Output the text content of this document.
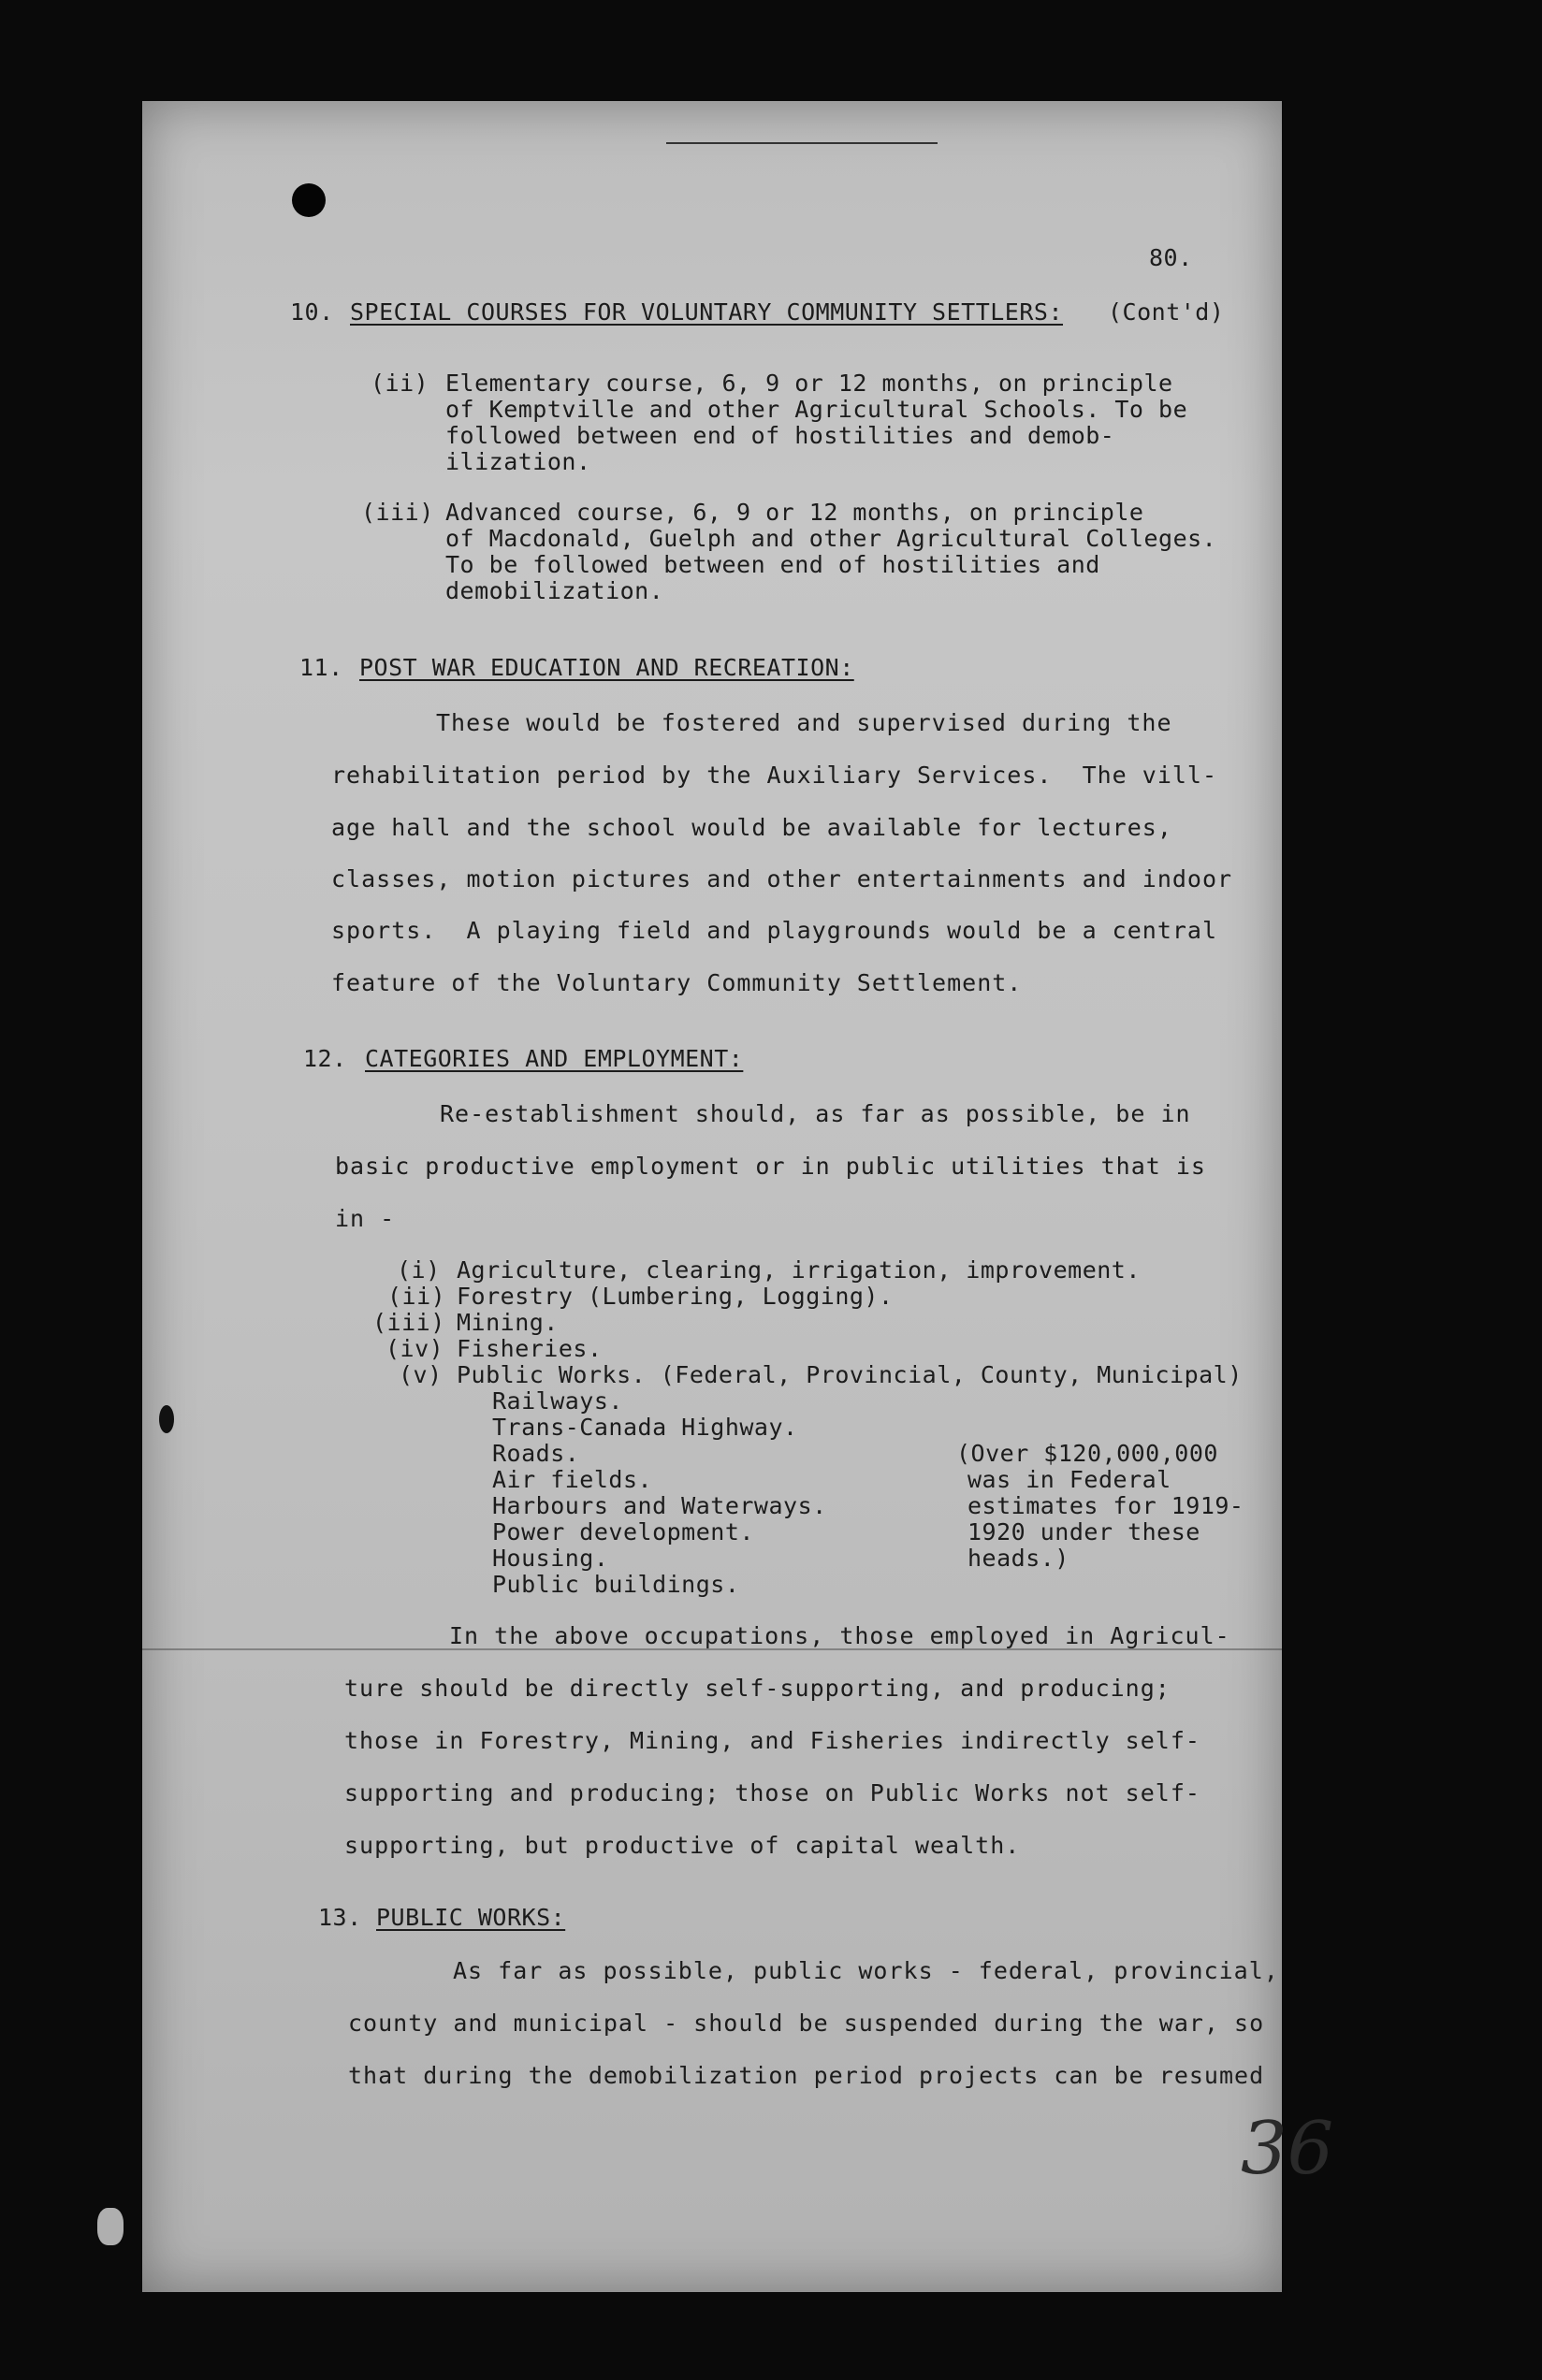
80.
10. SPECIAL COURSES FOR VOLUNTARY COMMUNITY SETTLERS: (Cont'd)
(ii) Elementary course, 6, 9 or 12 months, on principle
of Kemptville and other Agricultural Schools. To be
followed between end of hostilities and demob-
ilization.
(iii) Advanced course, 6, 9 or 12 months, on principle
of Macdonald, Guelph and other Agricultural Colleges.
To be followed between end of hostilities and
demobilization.
11. POST WAR EDUCATION AND RECREATION:
These would be fostered and supervised during the
rehabilitation period by the Auxiliary Services.  The vill-
age hall and the school would be available for lectures,
classes, motion pictures and other entertainments and indoor
sports.  A playing field and playgrounds would be a central
feature of the Voluntary Community Settlement.
12. CATEGORIES AND EMPLOYMENT:
Re-establishment should, as far as possible, be in
basic productive employment or in public utilities that is
in -
(i) Agriculture, clearing, irrigation, improvement.
(ii) Forestry (Lumbering, Logging).
(iii) Mining.
(iv) Fisheries.
(v) Public Works. (Federal, Provincial, County, Municipal)
Railways.
Trans-Canada Highway.
Roads.
Air fields.
Harbours and Waterways.
Power development.
Housing.
Public buildings.
(Over $120,000,000
was in Federal
estimates for 1919-
1920 under these
heads.)
In the above occupations, those employed in Agricul-
ture should be directly self-supporting, and producing;
those in Forestry, Mining, and Fisheries indirectly self-
supporting and producing; those on Public Works not self-
supporting, but productive of capital wealth.
13. PUBLIC WORKS:
As far as possible, public works - federal, provincial,
county and municipal - should be suspended during the war, so
that during the demobilization period projects can be resumed
36
